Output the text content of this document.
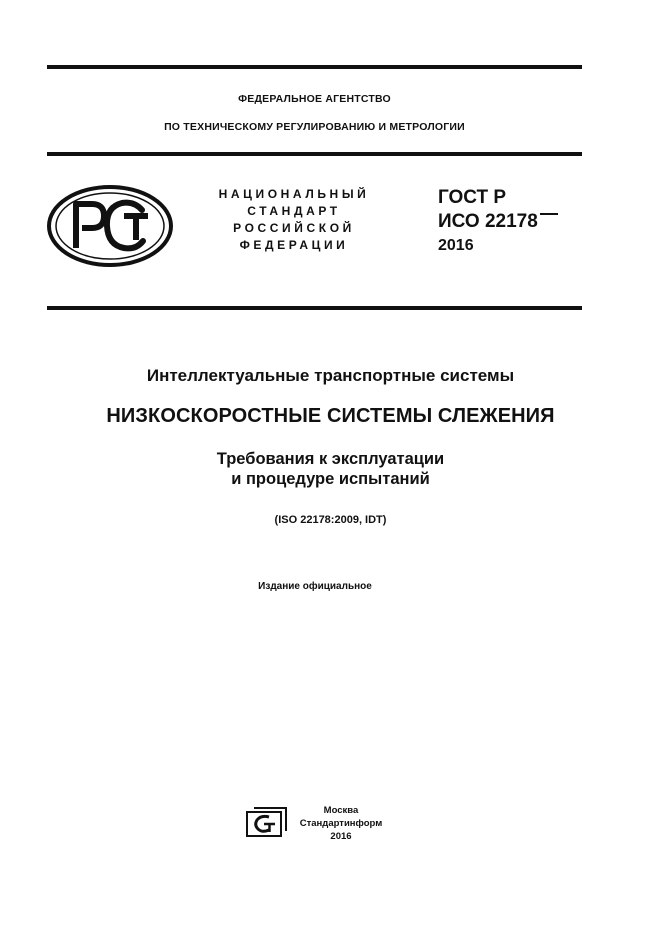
ФЕДЕРАЛЬНОЕ АГЕНТСТВО
ПО ТЕХНИЧЕСКОМУ РЕГУЛИРОВАНИЮ И МЕТРОЛОГИИ
НАЦИОНАЛЬНЫЙ
СТАНДАРТ
РОССИЙСКОЙ
ФЕДЕРАЦИИ
ГОСТ Р
ИСО 22178
2016
Интеллектуальные транспортные системы
НИЗКОСКОРОСТНЫЕ СИСТЕМЫ СЛЕЖЕНИЯ
Требования к эксплуатации
и процедуре испытаний
(ISO 22178:2009, IDT)
Издание официальное
Москва
Стандартинформ
2016
